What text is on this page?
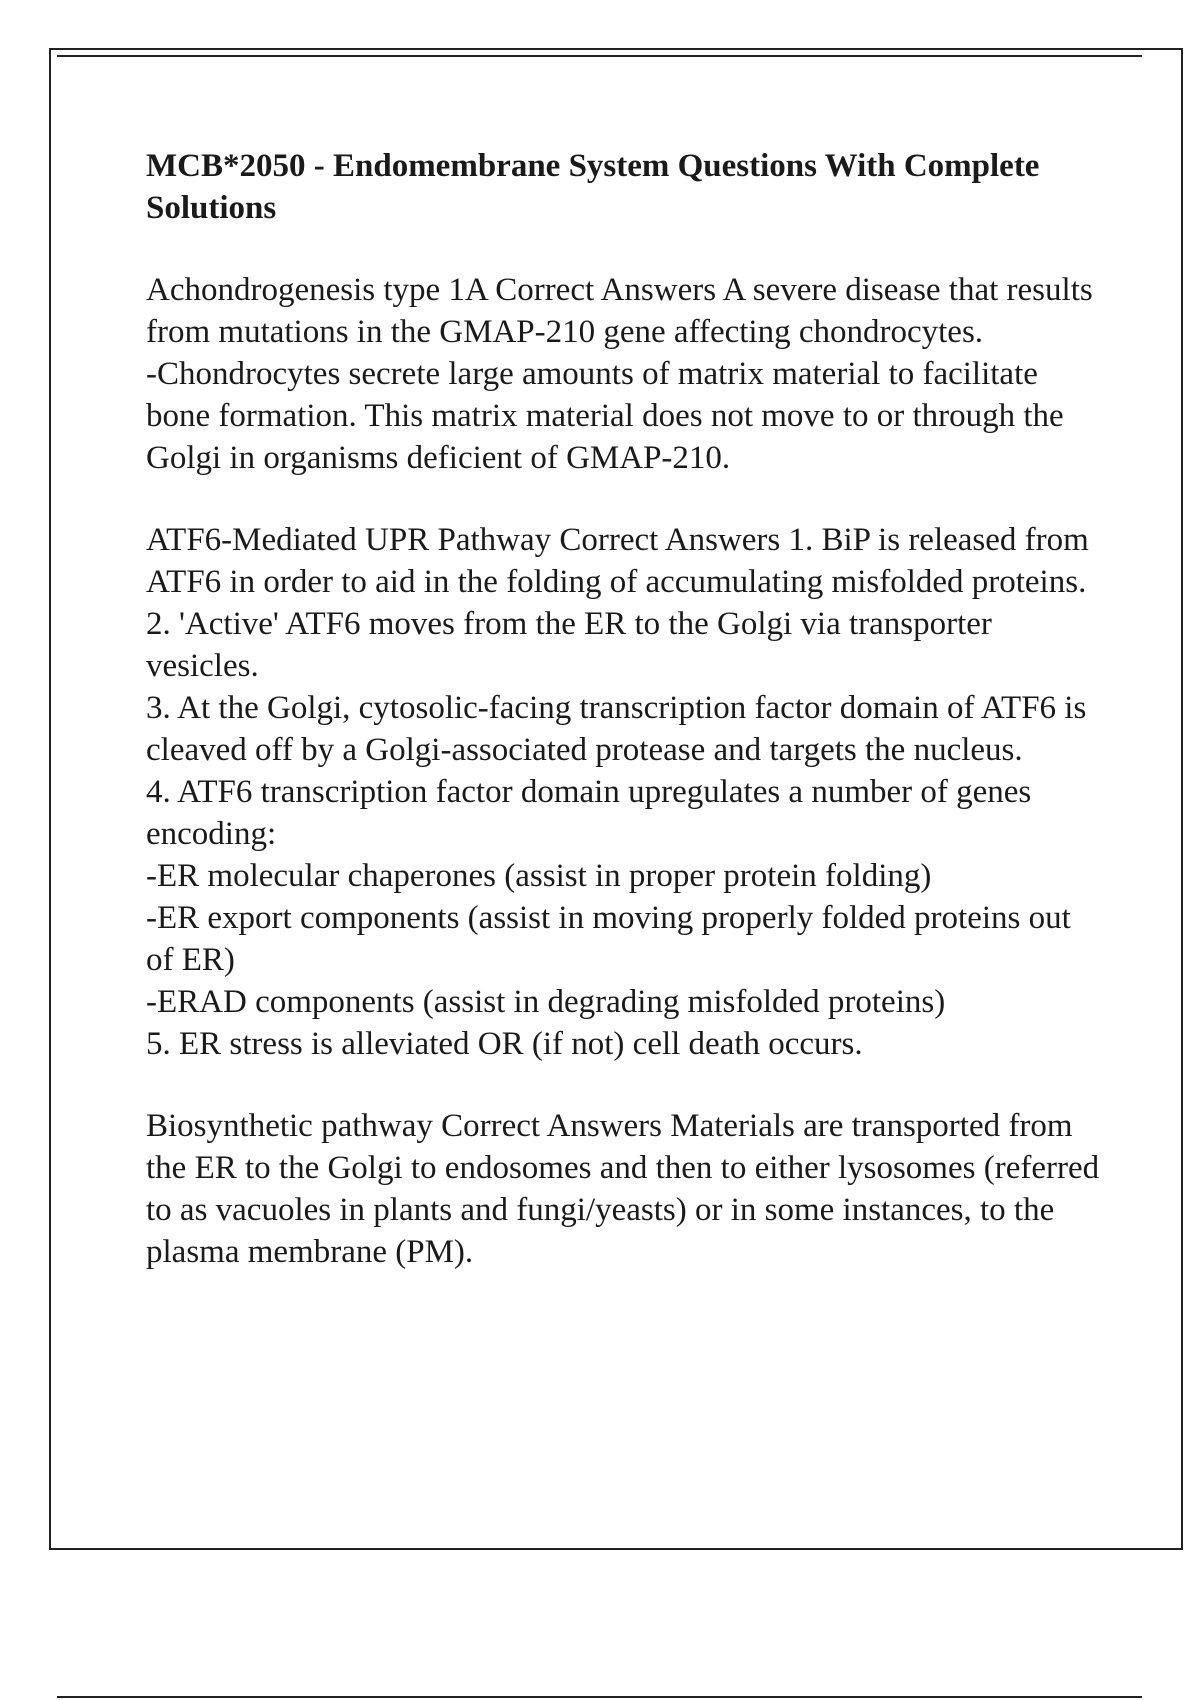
MCB*2050 - Endomembrane System Questions With Complete Solutions
Achondrogenesis type 1A Correct Answers A severe disease that results from mutations in the GMAP-210 gene affecting chondrocytes.
-Chondrocytes secrete large amounts of matrix material to facilitate bone formation. This matrix material does not move to or through the Golgi in organisms deficient of GMAP-210.
ATF6-Mediated UPR Pathway Correct Answers 1. BiP is released from ATF6 in order to aid in the folding of accumulating misfolded proteins.
2. 'Active' ATF6 moves from the ER to the Golgi via transporter vesicles.
3. At the Golgi, cytosolic-facing transcription factor domain of ATF6 is cleaved off by a Golgi-associated protease and targets the nucleus.
4. ATF6 transcription factor domain upregulates a number of genes encoding:
-ER molecular chaperones (assist in proper protein folding)
-ER export components (assist in moving properly folded proteins out of ER)
-ERAD components (assist in degrading misfolded proteins)
5. ER stress is alleviated OR (if not) cell death occurs.
Biosynthetic pathway Correct Answers Materials are transported from the ER to the Golgi to endosomes and then to either lysosomes (referred to as vacuoles in plants and fungi/yeasts) or in some instances, to the plasma membrane (PM).
